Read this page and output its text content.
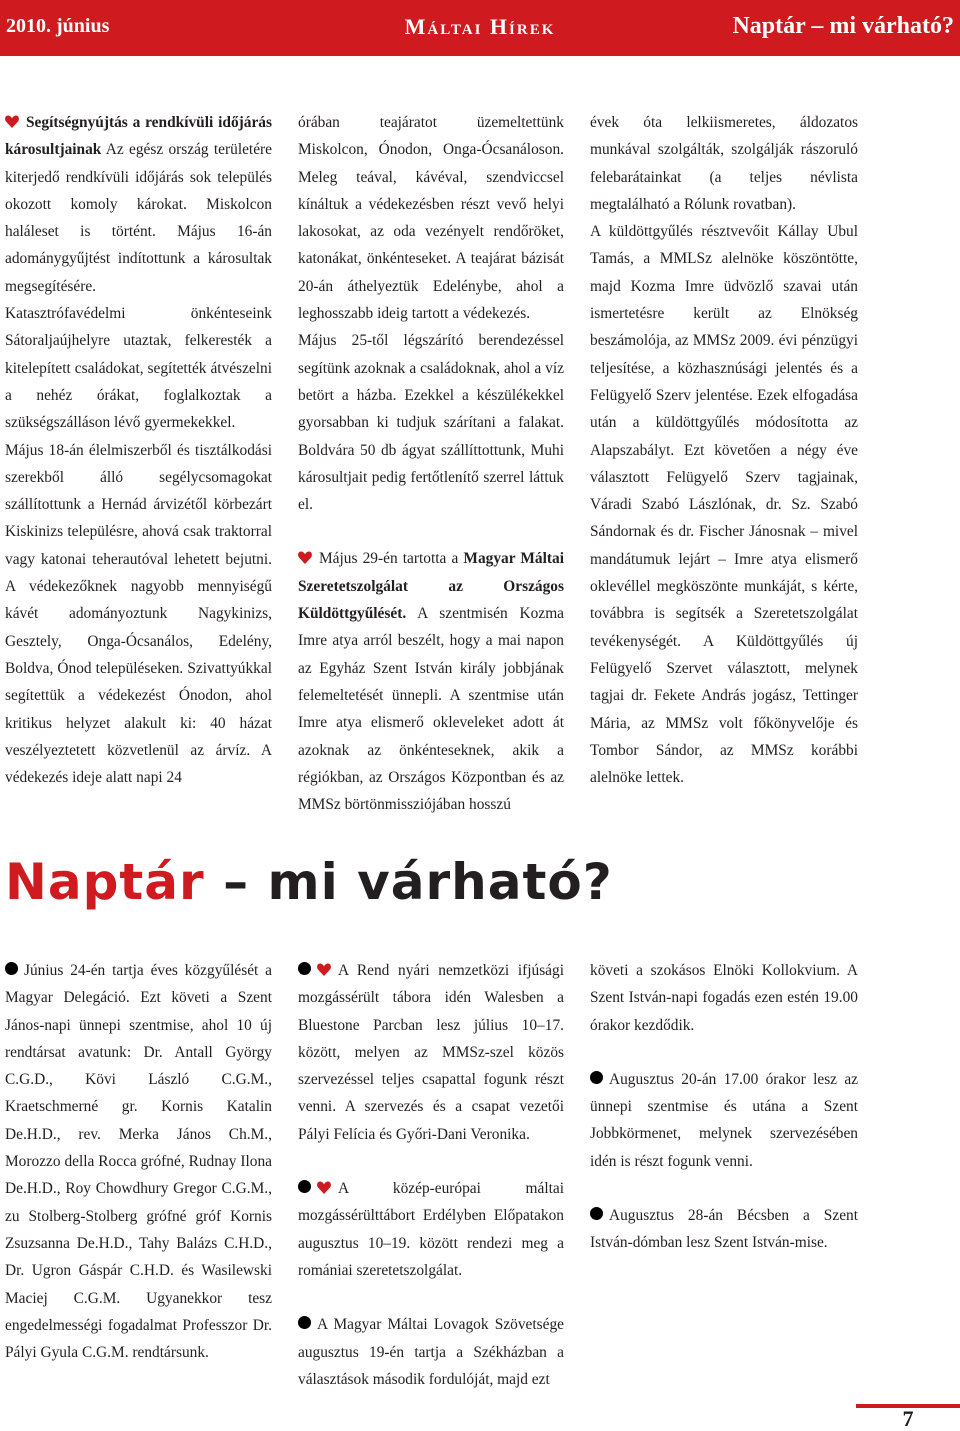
2010. június	Máltai Hírek	Naptár – mi várható?

Segítségnyújtás a rendkívüli időjárás károsultjainak Az egész ország területére kiterjedő rendkívüli időjárás sok település okozott komoly károkat. Miskolcon haláleset is történt. Május 16-án adománygyűjtést indítottunk a károsultak megsegítésére.

Katasztrófavédelmi önkénteseink Sátoraljaújhelyre utaztak, felkeresték a kitelepített családokat, segítették átvészelni a nehéz órákat, foglalkoztak a szükségszálláson lévő gyermekekkel.

Május 18-án élelmiszerből és tisztálkodási szerekből álló segélycsomagokat szállítottunk a Hernád árvizétől körbezárt Kiskinizs településre, ahová csak traktorral vagy katonai teherautóval lehetett bejutni. A védekezőknek nagyobb mennyiségű kávét adományoztunk Nagykinizs, Gesztely, Onga-Ócsanálos, Edelény, Boldva, Ónod településeken. Szivattyúkkal segítettük a védekezést Ónodon, ahol kritikus helyzet alakult ki: 40 házat veszélyeztetett közvetlenül az árvíz. A védekezés ideje alatt napi 24

órában teajáratot üzemeltettünk Miskolcon, Ónodon, Onga-Ócsanáloson. Meleg teával, kávéval, szendviccsel kínáltuk a védekezésben részt vevő helyi lakosokat, az oda vezényelt rendőröket, katonákat, önkénteseket. A teajárat bázisát 20-án áthelyeztük Edelénybe, ahol a leghosszabb ideig tartott a védekezés.

Május 25-től légszárító berendezéssel segítünk azoknak a családoknak, ahol a víz betört a házba. Ezekkel a készülékekkel gyorsabban ki tudjuk szárítani a falakat. Boldvára 50 db ágyat szállíttottunk, Muhi károsultjait pedig fertőtlenítő szerrel láttuk el.

Május 29-én tartotta a Magyar Máltai Szeretetszolgálat az Országos Küldöttgyűlését. A szentmisén Kozma Imre atya arról beszélt, hogy a mai napon az Egyház Szent István király jobbjának felemeltetését ünnepli. A szentmise után Imre atya elismerő okleveleket adott át azoknak az önkénteseknek, akik a régiókban, az Országos Központban és az MMSz börtönmissziójában hosszú

évek óta lelkiismeretes, áldozatos munkával szolgálták, szolgálják rászoruló felebarátainkat (a teljes névlista megtalálható a Rólunk rovatban).

A küldöttgyűlés résztvevőit Kállay Ubul Tamás, a MMLSz alelnöke köszöntötte, majd Kozma Imre üdvözlő szavai után ismertetésre került az Elnökség beszámolója, az MMSz 2009. évi pénzügyi teljesítése, a közhasznúsági jelentés és a Felügyelő Szerv jelentése. Ezek elfogadása után a küldöttgyűlés módosította az Alapszabályt. Ezt követően a négy éve választott Felügyelő Szerv tagjainak, Váradi Szabó Lászlónak, dr. Sz. Szabó Sándornak és dr. Fischer Jánosnak – mivel mandátumuk lejárt – Imre atya elismerő oklevéllel megköszönte munkáját, s kérte, továbbra is segítsék a Szeretetszolgálat tevékenységét. A Küldöttgyűlés új Felügyelő Szervet választott, melynek tagjai dr. Fekete András jogász, Tettinger Mária, az MMSz volt főkönyvelője és Tombor Sándor, az MMSz korábbi alelnöke lettek.

Naptár – mi várható?

Június 24-én tartja éves közgyűlését a Magyar Delegáció. Ezt követi a Szent János-napi ünnepi szentmise, ahol 10 új rendtársat avatunk: Dr. Antall György C.G.D., Kövi László C.G.M., Kraetschmerné gr. Kornis Katalin De.H.D., rev. Merka János Ch.M., Morozzo della Rocca grófné, Rudnay Ilona De.H.D., Roy Chowdhury Gregor C.G.M., zu Stolberg-Stolberg grófné gróf Kornis Zsuzsanna De.H.D., Tahy Balázs C.H.D., Dr. Ugron Gáspár C.H.D. és Wasilewski Maciej C.G.M. Ugyanekkor tesz engedelmességi fogadalmat Professzor Dr. Pályi Gyula C.G.M. rendtársunk.

A Rend nyári nemzetközi ifjúsági mozgássérült tábora idén Walesben a Bluestone Parcban lesz július 10–17. között, melyen az MMSz-szel közös szervezéssel teljes csapattal fogunk részt venni. A szervezés és a csapat vezetői Pályi Felícia és Győri-Dani Veronika.

A közép-európai máltai mozgássérülttábort Erdélyben Előpatakon augusztus 10–19. között rendezi meg a romániai szeretetszolgálat.

A Magyar Máltai Lovagok Szövetsége augusztus 19-én tartja a Székházban a választások második fordulóját, majd ezt

követi a szokásos Elnöki Kollokvium. A Szent István-napi fogadás ezen estén 19.00 órakor kezdődik.

Augusztus 20-án 17.00 órakor lesz az ünnepi szentmise és utána a Szent Jobbkörmenet, melynek szervezésében idén is részt fogunk venni.

Augusztus 28-án Bécsben a Szent István-dómban lesz Szent István-mise.

7
